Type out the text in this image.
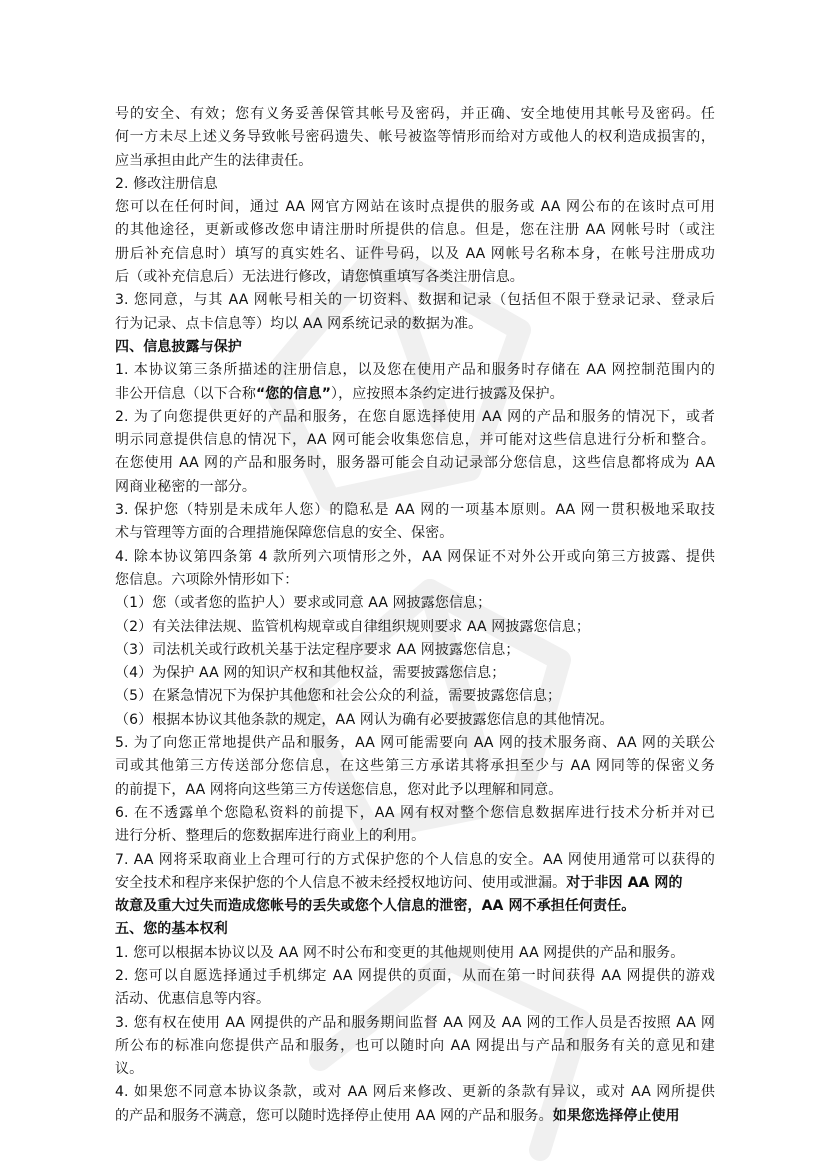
号的安全、有效；您有义务妥善保管其帐号及密码，并正确、安全地使用其帐号及密码。任
何一方未尽上述义务导致帐号密码遗失、帐号被盗等情形而给对方或他人的权利造成损害的，
应当承担由此产生的法律责任。
2. 修改注册信息
您可以在任何时间，通过 AA 网官方网站在该时点提供的服务或 AA 网公布的在该时点可用
的其他途径，更新或修改您申请注册时所提供的信息。但是，您在注册 AA 网帐号时（或注
册后补充信息时）填写的真实姓名、证件号码，以及 AA 网帐号名称本身，在帐号注册成功
后（或补充信息后）无法进行修改，请您慎重填写各类注册信息。
3. 您同意，与其 AA 网帐号相关的一切资料、数据和记录（包括但不限于登录记录、登录后
行为记录、点卡信息等）均以 AA 网系统记录的数据为准。
四、信息披露与保护
1. 本协议第三条所描述的注册信息，以及您在使用产品和服务时存储在 AA 网控制范围内的
非公开信息（以下合称“您的信息”），应按照本条约定进行披露及保护。
2. 为了向您提供更好的产品和服务，在您自愿选择使用 AA 网的产品和服务的情况下，或者
明示同意提供信息的情况下，AA 网可能会收集您信息，并可能对这些信息进行分析和整合。
在您使用 AA 网的产品和服务时，服务器可能会自动记录部分您信息，这些信息都将成为 AA
网商业秘密的一部分。
3. 保护您（特别是未成年人您）的隐私是 AA 网的一项基本原则。AA 网一贯积极地采取技
术与管理等方面的合理措施保障您信息的安全、保密。
4. 除本协议第四条第 4 款所列六项情形之外，AA 网保证不对外公开或向第三方披露、提供
您信息。六项除外情形如下：
（1）您（或者您的监护人）要求或同意 AA 网披露您信息；
（2）有关法律法规、监管机构规章或自律组织规则要求 AA 网披露您信息；
（3）司法机关或行政机关基于法定程序要求 AA 网披露您信息；
（4）为保护 AA 网的知识产权和其他权益，需要披露您信息；
（5）在紧急情况下为保护其他您和社会公众的利益，需要披露您信息；
（6）根据本协议其他条款的规定，AA 网认为确有必要披露您信息的其他情况。
5. 为了向您正常地提供产品和服务，AA 网可能需要向 AA 网的技术服务商、AA 网的关联公
司或其他第三方传送部分您信息，在这些第三方承诺其将承担至少与 AA 网同等的保密义务
的前提下，AA 网将向这些第三方传送您信息，您对此予以理解和同意。
6. 在不透露单个您隐私资料的前提下，AA 网有权对整个您信息数据库进行技术分析并对已
进行分析、整理后的您数据库进行商业上的利用。
7. AA 网将采取商业上合理可行的方式保护您的个人信息的安全。AA 网使用通常可以获得的
安全技术和程序来保护您的个人信息不被未经授权地访问、使用或泄漏。对于非因 AA 网的
故意及重大过失而造成您帐号的丢失或您个人信息的泄密，AA 网不承担任何责任。
五、您的基本权利
1. 您可以根据本协议以及 AA 网不时公布和变更的其他规则使用 AA 网提供的产品和服务。
2. 您可以自愿选择通过手机绑定 AA 网提供的页面，从而在第一时间获得 AA 网提供的游戏
活动、优惠信息等内容。
3. 您有权在使用 AA 网提供的产品和服务期间监督 AA 网及 AA 网的工作人员是否按照 AA 网
所公布的标准向您提供产品和服务，也可以随时向 AA 网提出与产品和服务有关的意见和建
议。
4. 如果您不同意本协议条款，或对 AA 网后来修改、更新的条款有异议，或对 AA 网所提供
的产品和服务不满意，您可以随时选择停止使用 AA 网的产品和服务。如果您选择停止使用
